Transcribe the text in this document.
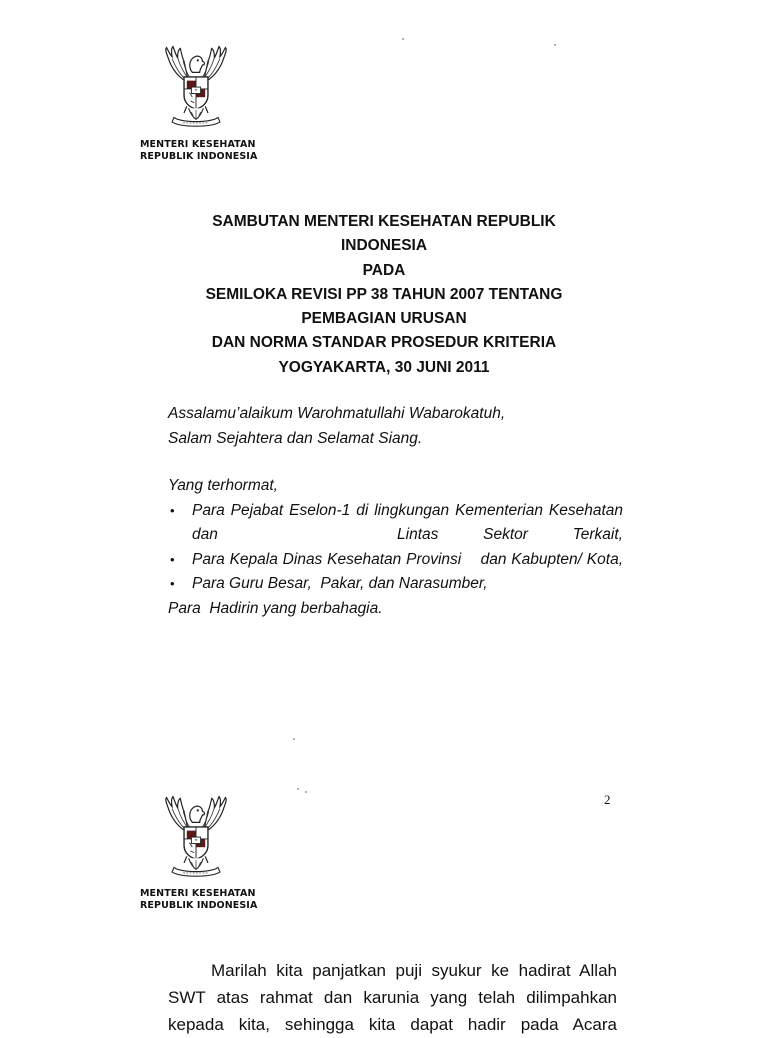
MENTERI KESEHATAN
REPUBLIK INDONESIA
SAMBUTAN MENTERI KESEHATAN REPUBLIK
INDONESIA
PADA
SEMILOKA REVISI PP 38 TAHUN 2007 TENTANG
PEMBAGIAN URUSAN
DAN NORMA STANDAR PROSEDUR KRITERIA
YOGYAKARTA, 30 JUNI 2011
Assalamu’alaikum Warohmatullahi Wabarokatuh,
Salam Sejahtera dan Selamat Siang.
Yang terhormat,
• Para Pejabat Eselon-1 di lingkungan Kementerian Kesehatan dan    Lintas Sektor Terkait,
• Para Kepala Dinas Kesehatan Provinsi    dan Kabupten/ Kota,
• Para Guru Besar,  Pakar, dan Narasumber,
Para  Hadirin yang berbahagia.
2
MENTERI KESEHATAN
REPUBLIK INDONESIA
Marilah kita panjatkan puji syukur ke hadirat Allah SWT atas rahmat dan karunia yang telah dilimpahkan kepada kita, sehingga kita dapat hadir pada Acara
